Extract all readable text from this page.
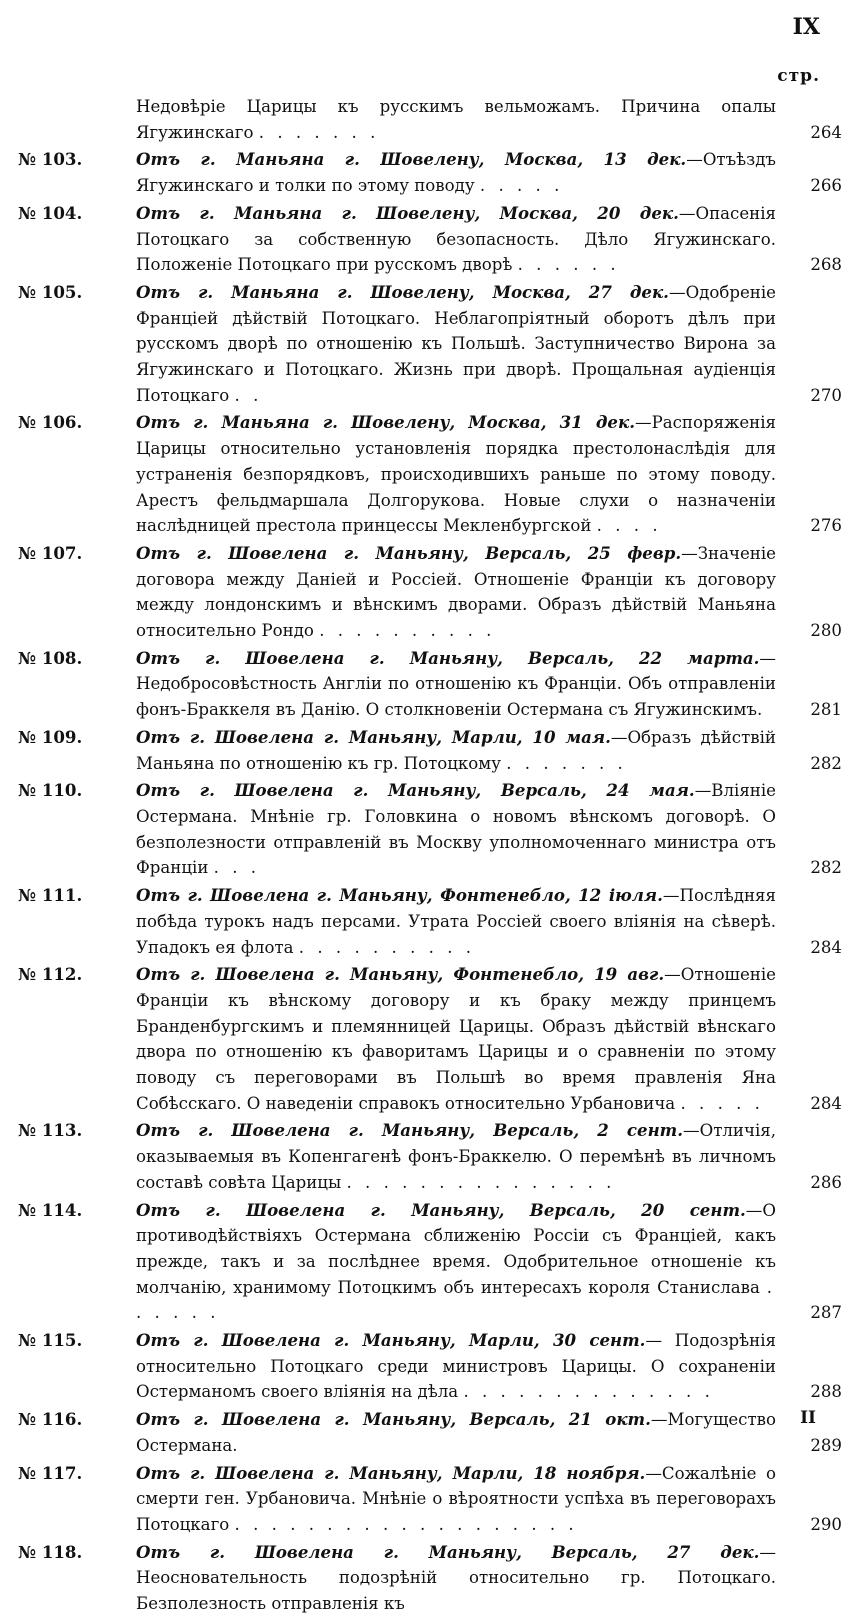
IX
стр.
Недовѣріе Царицы къ русскимъ вельможамъ. Причина опалы Ягужинскаго . . . . . . .	264
№ 103.	Отъ г. Маньяна г. Шовелену, Москва, 13 дек.—Отъѣздъ Ягужинскаго и толки по этому поводу . . . . .	266
№ 104.	Отъ г. Маньяна г. Шовелену, Москва, 20 дек.—Опасенія Потоцкаго за собственную безопасность. Дѣло Ягужинскаго. Положеніе Потоцкаго при русскомъ дворѣ . . . . . .	268
№ 105.	Отъ г. Маньяна г. Шовелену, Москва, 27 дек.—Одобреніе Франціей дѣйствій Потоцкаго. Неблагопріятный оборотъ дѣлъ при русскомъ дворѣ по отношенію къ Польшѣ. Заступничество Вирона за Ягужинскаго и Потоцкаго. Жизнь при дворѣ. Прощальная аудіенція Потоцкаго . .	270
№ 106.	Отъ г. Маньяна г. Шовелену, Москва, 31 дек.—Распоряженія Царицы относительно установленія порядка престолонаслѣдія для устраненія безпорядковъ, происходившихъ раньше по этому поводу. Арестъ фельдмаршала Долгорукова. Новые слухи о назначеніи наслѣдницей престола принцессы Мекленбургской . . . .	276
№ 107.	Отъ г. Шовелена г. Маньяну, Версаль, 25 февр.—Значеніе договора между Даніей и Россіей. Отношеніе Франціи къ договору между лондонскимъ и вѣнскимъ дворами. Образъ дѣйствій Маньяна относительно Рондо . . . . . . . . . .	280
№ 108.	Отъ г. Шовелена г. Маньяну, Версаль, 22 марта.—Недобросовѣстность Англіи по отношенію къ Франціи. Объ отправленіи фонъ-Браккеля въ Данію. О столкновеніи Остермана съ Ягужинскимъ.	281
№ 109.	Отъ г. Шовелена г. Маньяну, Марли, 10 мая.—Образъ дѣйствій Маньяна по отношенію къ гр. Потоцкому . . . . . . .	282
№ 110.	Отъ г. Шовелена г. Маньяну, Версаль, 24 мая.—Вліяніе Остермана. Мнѣніе гр. Головкина о новомъ вѣнскомъ договорѣ. О безполезности отправленій въ Москву уполномоченнаго министра отъ Франціи . . .	282
№ 111.	Отъ г. Шовелена г. Маньяну, Фонтенебло, 12 іюля.—Послѣдняя побѣда турокъ надъ персами. Утрата Россіей своего вліянія на сѣверѣ. Упадокъ ея флота . . . . . . . . . .	284
№ 112.	Отъ г. Шовелена г. Маньяну, Фонтенебло, 19 авг.—Отношеніе Франціи къ вѣнскому договору и къ браку между принцемъ Бранденбургскимъ и племянницей Царицы. Образъ дѣйствій вѣнскаго двора по отношенію къ фаворитамъ Царицы и о сравненіи по этому поводу съ переговорами въ Польшѣ во время правленія Яна Собѣсскаго. О наведеніи справокъ относительно Урбановича . . . . .	284
№ 113.	Отъ г. Шовелена г. Маньяну, Версаль, 2 сент.—Отличія, оказываемыя въ Копенгагенѣ фонъ-Браккелю. О перемѣнѣ въ личномъ составѣ совѣта Царицы . . . . . . . . . . . . . . .	286
№ 114.	Отъ г. Шовелена г. Маньяну, Версаль, 20 сент.—О противодѣйствіяхъ Остермана сближенію Россіи съ Франціей, какъ прежде, такъ и за послѣднее время. Одобрительное отношеніе къ молчанію, хранимому Потоцкимъ объ интересахъ короля Станислава . . . . . .	287
№ 115.	Отъ г. Шовелена г. Маньяну, Марли, 30 сент.— Подозрѣнія относительно Потоцкаго среди министровъ Царицы. О сохраненіи Остерманомъ своего вліянія на дѣла . . . . . . . . . . . . . .	288
№ 116.	Отъ г. Шовелена г. Маньяну, Версаль, 21 окт.—Могущество Остермана.	289
№ 117.	Отъ г. Шовелена г. Маньяну, Марли, 18 ноября.—Сожалѣніе о смерти ген. Урбановича. Мнѣніе о вѣроятности успѣха въ переговорахъ Потоцкаго . . . . . . . . . . . . . . . . . . .	290
№ 118.	Отъ г. Шовелена г. Маньяну, Версаль, 27 дек.—Неосновательность подозрѣній относительно гр. Потоцкаго. Безполезность отправленія къ
II
